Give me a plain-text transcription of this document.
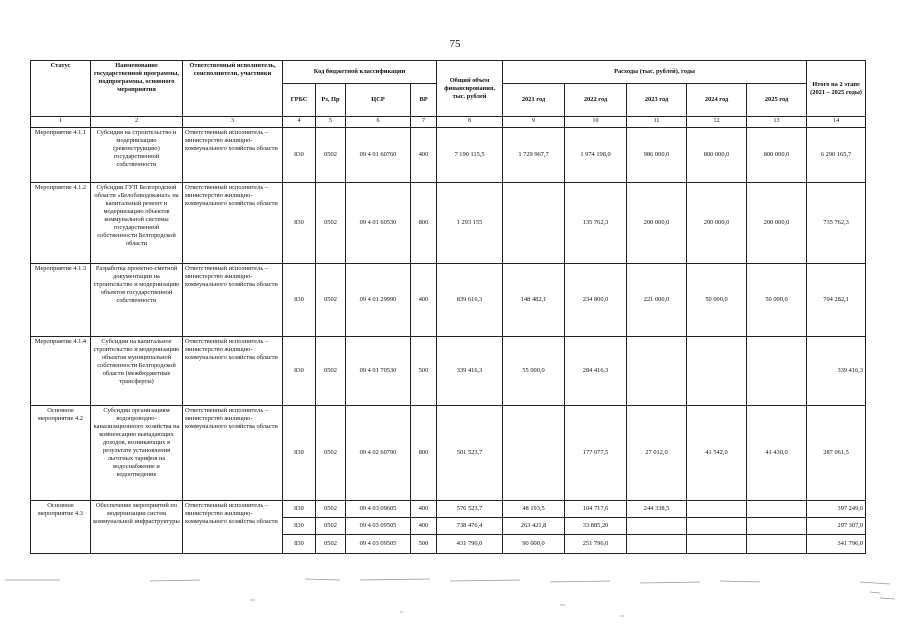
75
Статус	Наименование государственной программы, подпрограммы, основного мероприятия	Ответственный исполнитель, соисполнители, участники	Код бюджетной классификации				Общий объем финансирования, тыс. рублей	Расходы (тыс. рублей), годы					Итого на 2 этапе (2021 – 2025 годы)
			ГРБС	Рз, Пр	ЦСР	ВР		2021 год	2022 год	2023 год	2024 год	2025 год	
1	2	3	4	5	6	7	8	9	10	11	12	13	14
Мероприятие 4.1.1	Субсидия на строительство и модернизацию (реконструкцию) государственной собственности	Ответственный исполнитель – министерство жилищно-коммунального хозяйства области	830	0502	09 4 01 60760	400	7 190 115,5	1 729 967,7	1 974 198,0	986 000,0	800 000,0	800 000,0	6 290 165,7
Мероприятие 4.1.2	Субсидии ГУП Белгородской области «Белоблводоканал» на капитальный ремонт и модернизацию объектов коммунальной системы государственной собственности Белгородской области	Ответственный исполнитель – министерство жилищно-коммунального хозяйства области	830	0502	09 4 01 60530	800	1 293 155		135 762,3	200 000,0	200 000,0	200 000,0	735 762,3
Мероприятие 4.1.3	Разработка проектно-сметной документации на строительство и модернизацию объектов государственной собственности	Ответственный исполнитель – министерство жилищно-коммунального хозяйства области	830	0502	09 4 01 29990	400	839 616,3	148 482,1	234 800,0	221 000,0	50 000,0	50 000,0	704 282,1
Мероприятие 4.1.4	Субсидии на капитальное строительство и модернизацию объектов муниципальной собственности Белгородской области (межбюджетные трансферты)	Ответственный исполнитель – министерство жилищно-коммунального хозяйства области	830	0502	09 4 01 70530	500	339 416,3	55 000,0	284 416,3				339 416,3
Основное мероприятие 4.2	Субсидии организациям водопроводно-канализационного хозяйства на компенсацию выпадающих доходов, возникающих в результате установления льготных тарифов на водоснабжение и водоотведение	Ответственный исполнитель – министерство жилищно-коммунального хозяйства области	830	0502	09 4 02 60790	800	501 523,7		177 077,5	27 012,0	41 542,0	41 430,0	287 061,5
Основное мероприятие 4.3	Обеспечение мероприятий по модернизации систем коммунальной инфраструктуры	Ответственный исполнитель – министерство жилищно-коммунального хозяйства области	830	0502	09 4 03 09605	400	576 523,7	48 193,5	104 717,6	244 338,5			397 249,6
			830	0502	09 4 03 09505	400	738 476,4	263 421,8	33 885,20				297 307,0
			830	0502	09 4 03 09505	500	431 796,0	90 000,0	251 796,0				341 796,0
